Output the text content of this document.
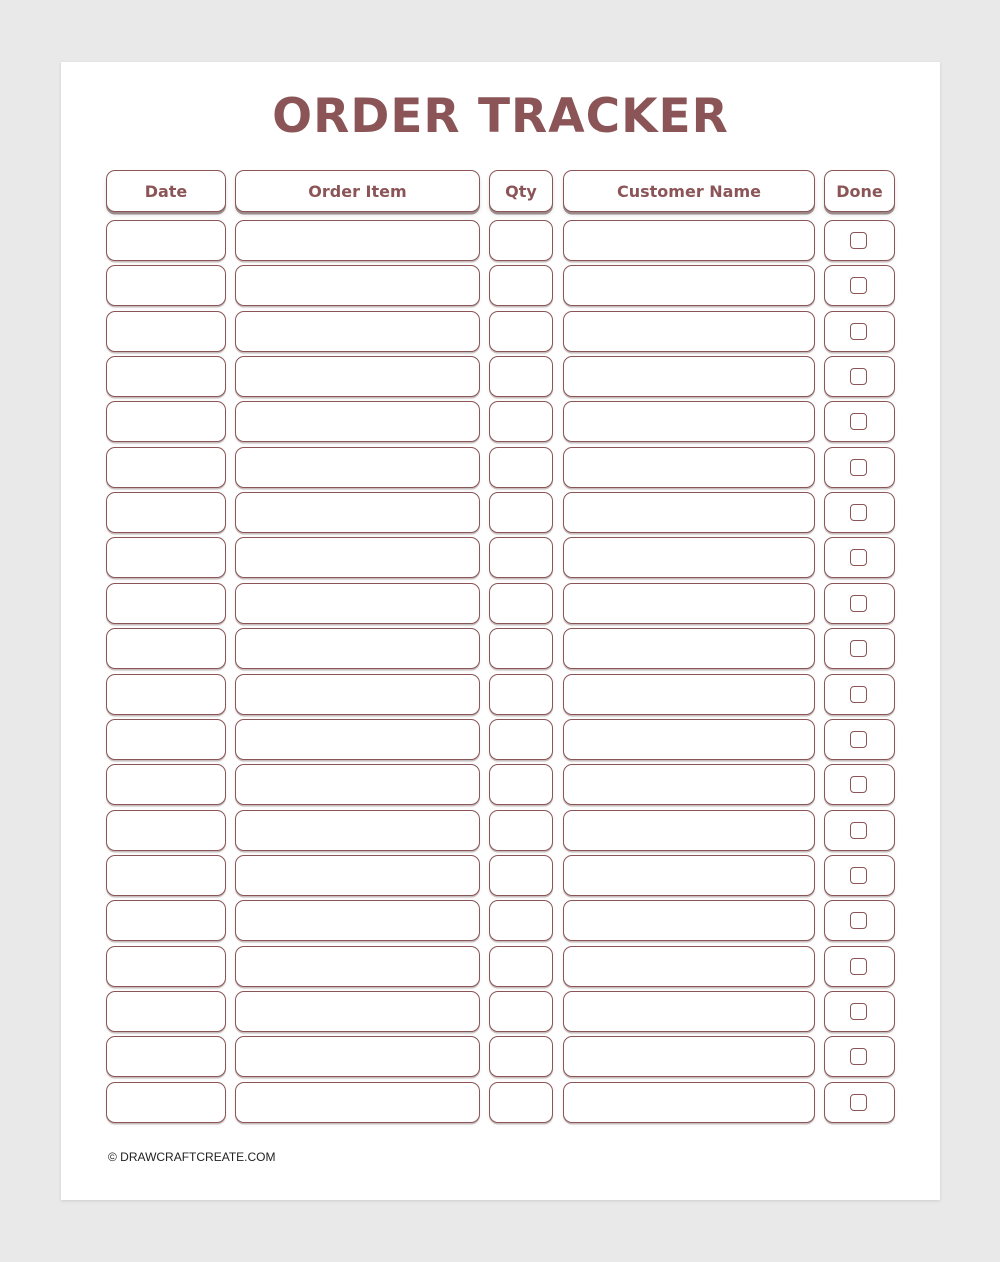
ORDER TRACKER
Date	Order Item	Qty	Customer Name	Done
© DRAWCRAFTCREATE.COM
